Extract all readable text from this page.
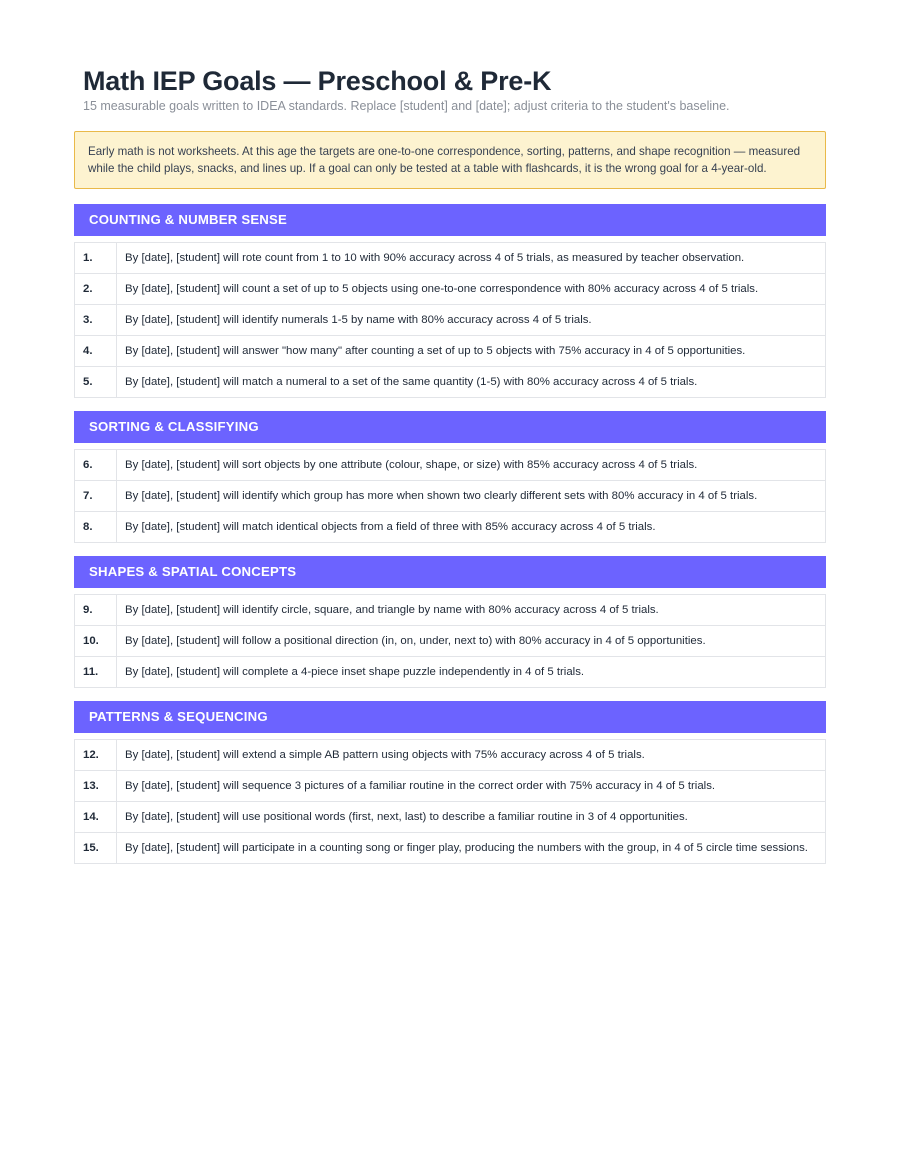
Math IEP Goals — Preschool & Pre-K
15 measurable goals written to IDEA standards. Replace [student] and [date]; adjust criteria to the student's baseline.
Early math is not worksheets. At this age the targets are one-to-one correspondence, sorting, patterns, and shape recognition — measured while the child plays, snacks, and lines up. If a goal can only be tested at a table with flashcards, it is the wrong goal for a 4-year-old.
COUNTING & NUMBER SENSE
1.	By [date], [student] will rote count from 1 to 10 with 90% accuracy across 4 of 5 trials, as measured by teacher observation.
2.	By [date], [student] will count a set of up to 5 objects using one-to-one correspondence with 80% accuracy across 4 of 5 trials.
3.	By [date], [student] will identify numerals 1-5 by name with 80% accuracy across 4 of 5 trials.
4.	By [date], [student] will answer "how many" after counting a set of up to 5 objects with 75% accuracy in 4 of 5 opportunities.
5.	By [date], [student] will match a numeral to a set of the same quantity (1-5) with 80% accuracy across 4 of 5 trials.
SORTING & CLASSIFYING
6.	By [date], [student] will sort objects by one attribute (colour, shape, or size) with 85% accuracy across 4 of 5 trials.
7.	By [date], [student] will identify which group has more when shown two clearly different sets with 80% accuracy in 4 of 5 trials.
8.	By [date], [student] will match identical objects from a field of three with 85% accuracy across 4 of 5 trials.
SHAPES & SPATIAL CONCEPTS
9.	By [date], [student] will identify circle, square, and triangle by name with 80% accuracy across 4 of 5 trials.
10.	By [date], [student] will follow a positional direction (in, on, under, next to) with 80% accuracy in 4 of 5 opportunities.
11.	By [date], [student] will complete a 4-piece inset shape puzzle independently in 4 of 5 trials.
PATTERNS & SEQUENCING
12.	By [date], [student] will extend a simple AB pattern using objects with 75% accuracy across 4 of 5 trials.
13.	By [date], [student] will sequence 3 pictures of a familiar routine in the correct order with 75% accuracy in 4 of 5 trials.
14.	By [date], [student] will use positional words (first, next, last) to describe a familiar routine in 3 of 4 opportunities.
15.	By [date], [student] will participate in a counting song or finger play, producing the numbers with the group, in 4 of 5 circle time sessions.
